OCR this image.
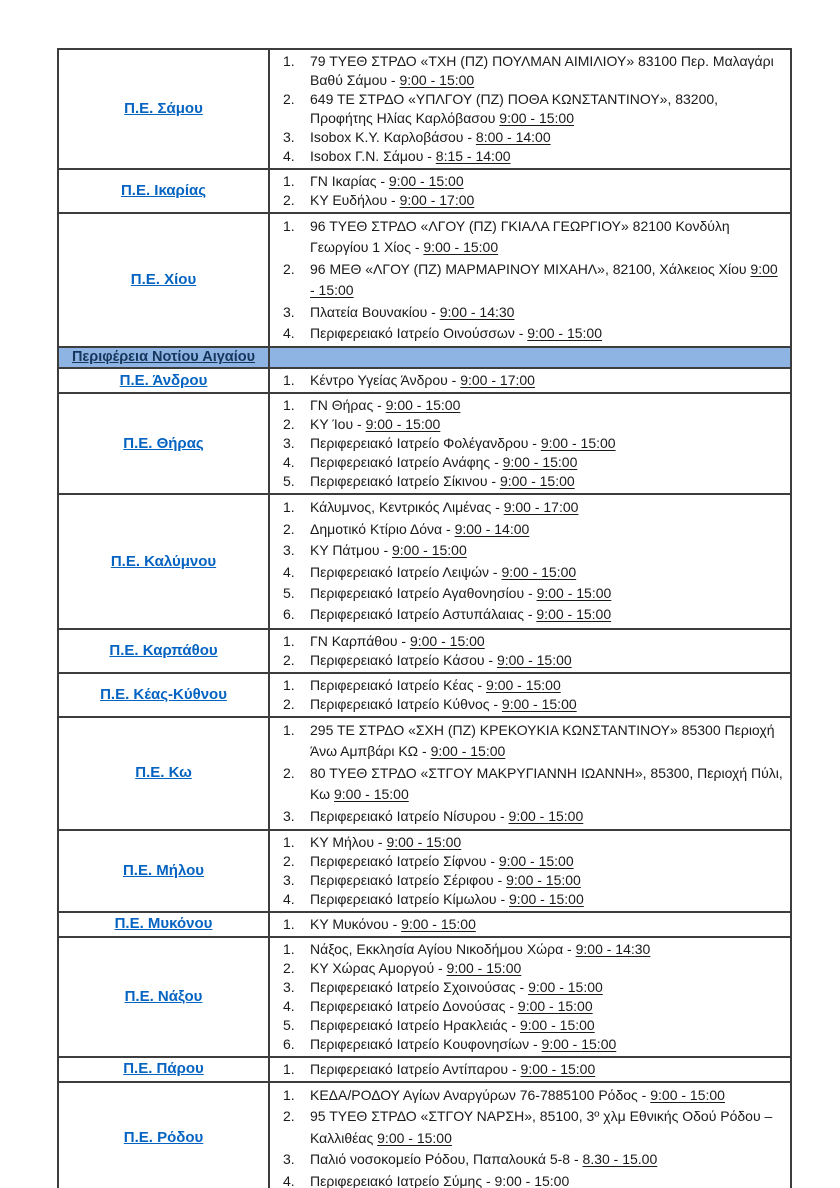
Π.Ε. Σάμου	
79 ΤΥΕΘ ΣΤΡΔΟ «ΤΧΗ (ΠΖ) ΠΟΥΛΜΑΝ ΑΙΜΙΛΙΟΥ» 83100 Περ. Μαλαγάρι Βαθύ Σάμου - 9:00 - 15:00
649 ΤΕ ΣΤΡΔΟ «ΥΠΛΓΟΥ (ΠΖ) ΠΟΘΑ ΚΩΝΣΤΑΝΤΙΝΟΥ», 83200, Προφήτης Ηλίας Καρλόβασου 9:00 - 15:00
Isobox Κ.Υ. Καρλοβάσου - 8:00 - 14:00
Isobox Γ.Ν. Σάμου - 8:15 - 14:00

Π.Ε. Ικαρίας	
ΓΝ Ικαρίας - 9:00 - 15:00
ΚΥ Ευδήλου - 9:00 - 17:00

Π.Ε. Χίου	
96 ΤΥΕΘ ΣΤΡΔΟ «ΛΓΟΥ (ΠΖ) ΓΚΙΑΛΑ ΓΕΩΡΓΙΟΥ» 82100 Κονδύλη Γεωργίου 1 Χίος - 9:00 - 15:00
96 ΜΕΘ «ΛΓΟΥ (ΠΖ) ΜΑΡΜΑΡΙΝΟΥ ΜΙΧΑΗΛ», 82100, Χάλκειος Χίου 9:00 - 15:00
Πλατεία Βουνακίου - 9:00 - 14:30
Περιφερειακό Ιατρείο Οινούσσων - 9:00 - 15:00

Περιφέρεια Νοτίου Αιγαίου	

Π.Ε. Άνδρου	Κέντρο Υγείας Άνδρου - 9:00 - 17:00

Π.Ε. Θήρας	
ΓΝ Θήρας - 9:00 - 15:00
ΚΥ Ίου - 9:00 - 15:00
Περιφερειακό Ιατρείο Φολέγανδρου - 9:00 - 15:00
Περιφερειακό Ιατρείο Ανάφης - 9:00 - 15:00
Περιφερειακό Ιατρείο Σίκινου - 9:00 - 15:00

Π.Ε. Καλύμνου	
Κάλυμνος, Κεντρικός Λιμένας - 9:00 - 17:00
Δημοτικό Κτίριο Δόνα - 9:00 - 14:00
ΚΥ Πάτμου - 9:00 - 15:00
Περιφερειακό Ιατρείο Λειψών - 9:00 - 15:00
Περιφερειακό Ιατρείο Αγαθονησίου - 9:00 - 15:00
Περιφερειακό Ιατρείο Αστυπάλαιας - 9:00 - 15:00

Π.Ε. Καρπάθου	
ΓΝ Καρπάθου - 9:00 - 15:00
Περιφερειακό Ιατρείο Κάσου - 9:00 - 15:00

Π.Ε. Κέας-Κύθνου	
Περιφερειακό Ιατρείο Κέας - 9:00 - 15:00
Περιφερειακό Ιατρείο Κύθνος - 9:00 - 15:00

Π.Ε. Κω	
295 ΤΕ ΣΤΡΔΟ «ΣΧΗ (ΠΖ) ΚΡΕΚΟΥΚΙΑ ΚΩΝΣΤΑΝΤΙΝΟΥ» 85300 Περιοχή Άνω Αμπβάρι ΚΩ - 9:00 - 15:00
80 ΤΥΕΘ ΣΤΡΔΟ «ΣΤΓΟΥ ΜΑΚΡΥΓΙΑΝΝΗ ΙΩΑΝΝΗ», 85300, Περιοχή Πύλι, Κω 9:00 - 15:00
Περιφερειακό Ιατρείο Νίσυρου - 9:00 - 15:00

Π.Ε. Μήλου	
ΚΥ Μήλου - 9:00 - 15:00
Περιφερειακό Ιατρείο Σίφνου - 9:00 - 15:00
Περιφερειακό Ιατρείο Σέριφου - 9:00 - 15:00
Περιφερειακό Ιατρείο Κίμωλου - 9:00 - 15:00

Π.Ε. Μυκόνου	ΚΥ Μυκόνου - 9:00 - 15:00

Π.Ε. Νάξου	
Νάξος, Εκκλησία Αγίου Νικοδήμου Χώρα - 9:00 - 14:30
ΚΥ Χώρας Αμοργού - 9:00 - 15:00
Περιφερειακό Ιατρείο Σχοινούσας - 9:00 - 15:00
Περιφερειακό Ιατρείο Δονούσας - 9:00 - 15:00
Περιφερειακό Ιατρείο Ηρακλειάς - 9:00 - 15:00
Περιφερειακό Ιατρείο Κουφονησίων - 9:00 - 15:00

Π.Ε. Πάρου	Περιφερειακό Ιατρείο Αντίπαρου - 9:00 - 15:00

Π.Ε. Ρόδου	
ΚΕΔΑ/ΡΟΔΟΥ Αγίων Αναργύρων 76-7885100 Ρόδος - 9:00 - 15:00
95 ΤΥΕΘ ΣΤΡΔΟ «ΣΤΓΟΥ ΝΑΡΣΗ», 85100, 3º χλμ Εθνικής Οδού Ρόδου – Καλλιθέας 9:00 - 15:00
Παλιό νοσοκομείο Ρόδου, Παπαλουκά 5-8 - 8.30 - 15.00
Περιφερειακό Ιατρείο Σύμης - 9:00 - 15:00
